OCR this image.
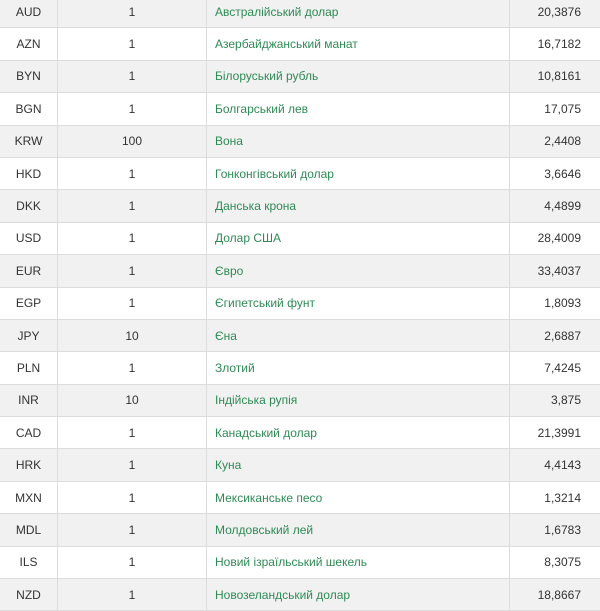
AUD	1	Австралійський долар	20,3876
AZN	1	Азербайджанський манат	16,7182
BYN	1	Білоруський рубль	10,8161
BGN	1	Болгарський лев	17,075
KRW	100	Вона	2,4408
HKD	1	Гонконгівський долар	3,6646
DKK	1	Данська крона	4,4899
USD	1	Долар США	28,4009
EUR	1	Євро	33,4037
EGP	1	Єгипетський фунт	1,8093
JPY	10	Єна	2,6887
PLN	1	Злотий	7,4245
INR	10	Індійська рупія	3,875
CAD	1	Канадський долар	21,3991
HRK	1	Куна	4,4143
MXN	1	Мексиканське песо	1,3214
MDL	1	Молдовський лей	1,6783
ILS	1	Новий ізраїльський шекель	8,3075
NZD	1	Новозеландський долар	18,8667
